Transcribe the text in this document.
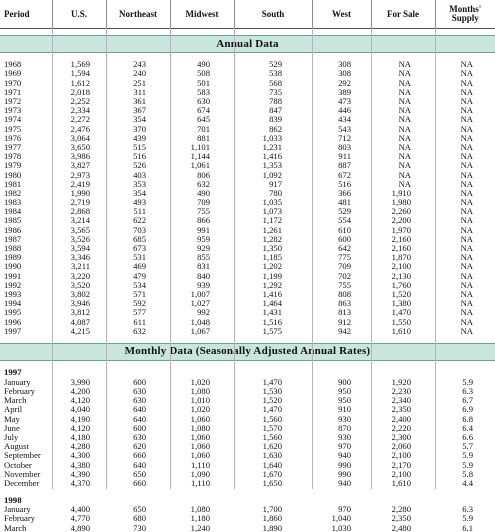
Period	U.S.	Northeast	Midwest	South	West	For Sale	Months'
Supply

Annual Data							

1968	1,569	243	490	529	308	NA	NA
1969	1,594	240	508	538	308	NA	NA
1970	1,612	251	501	568	292	NA	NA
1971	2,018	311	583	735	389	NA	NA
1972	2,252	361	630	788	473	NA	NA
1973	2,334	367	674	847	446	NA	NA
1974	2,272	354	645	839	434	NA	NA
1975	2,476	370	701	862	543	NA	NA
1976	3,064	439	881	1,033	712	NA	NA
1977	3,650	515	1,101	1,231	803	NA	NA
1978	3,986	516	1,144	1,416	911	NA	NA
1979	3,827	526	1,061	1,353	887	NA	NA
1980	2,973	403	806	1,092	672	NA	NA
1981	2,419	353	632	917	516	NA	NA
1982	1,990	354	490	780	366	1,910	NA
1983	2,719	493	709	1,035	481	1,980	NA
1984	2,868	511	755	1,073	529	2,260	NA
1985	3,214	622	866	1,172	554	2,200	NA
1986	3,565	703	991	1,261	610	1,970	NA
1987	3,526	685	959	1,282	600	2,160	NA
1988	3,594	673	929	1,350	642	2,160	NA
1989	3,346	531	855	1,185	775	1,870	NA
1990	3,211	469	831	1,202	709	2,100	NA
1991	3,220	479	840	1,199	702	2,130	NA
1992	3,520	534	939	1,292	755	1,760	NA
1993	3,802	571	1,007	1,416	808	1,520	NA
1994	3,946	592	1,027	1,464	863	1,380	NA
1995	3,812	577	992	1,431	813	1,470	NA
1996	4,087	611	1,048	1,516	912	1,550	NA
1997	4,215	632	1,067	1,575	942	1,610	NA

Monthly Data (Seasonally Adjusted Annual Rates)							

1997							
January	3,990	600	1,020	1,470	900	1,920	5.9
February	4,200	630	1,080	1,530	950	2,230	6.3
March	4,120	630	1,010	1,520	950	2,340	6.7
April	4,040	640	1,020	1,470	910	2,350	6.9
May	4,190	640	1,060	1,560	930	2,400	6.8
June	4,120	600	1,080	1,570	870	2,220	6.4
July	4,180	630	1,060	1,560	930	2,300	6.6
August	4,280	620	1,060	1,620	970	2,060	5.7
September	4,300	660	1,060	1,630	940	2,100	5.9
October	4,380	640	1,110	1,640	990	2,170	5.9
November	4,390	650	1,090	1,670	990	2,100	5.8
December	4,370	660	1,110	1,650	940	1,610	4.4

1998							
January	4,400	650	1,080	1,700	970	2,280	6.3
February	4,770	680	1,180	1,860	1,040	2,350	5.9
March	4,890	730	1,240	1,890	1,030	2,480	6.1
